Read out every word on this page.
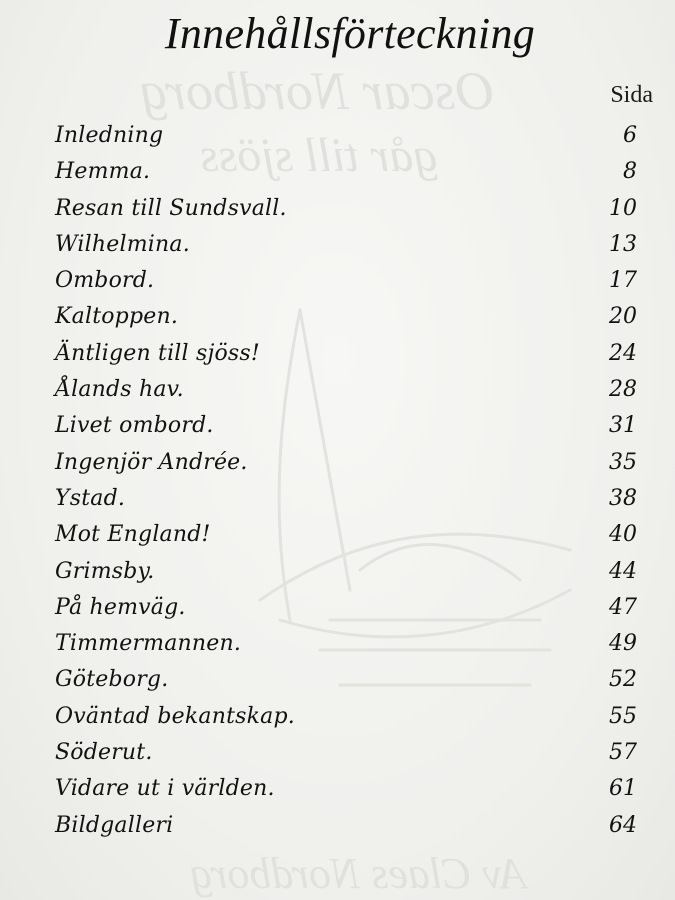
Oscar Nordborg
går till sjöss
Av Claes Nordborg
Innehållsförteckning
Sida
Inledning	6
Hemma.	8
Resan till Sundsvall.	10
Wilhelmina.	13
Ombord.	17
Kaltoppen.	20
Äntligen till sjöss!	24
Ålands hav.	28
Livet ombord.	31
Ingenjör Andrée.	35
Ystad.	38
Mot England!	40
Grimsby.	44
På hemväg.	47
Timmermannen.	49
Göteborg.	52
Oväntad bekantskap.	55
Söderut.	57
Vidare ut i världen.	61
Bildgalleri	64
